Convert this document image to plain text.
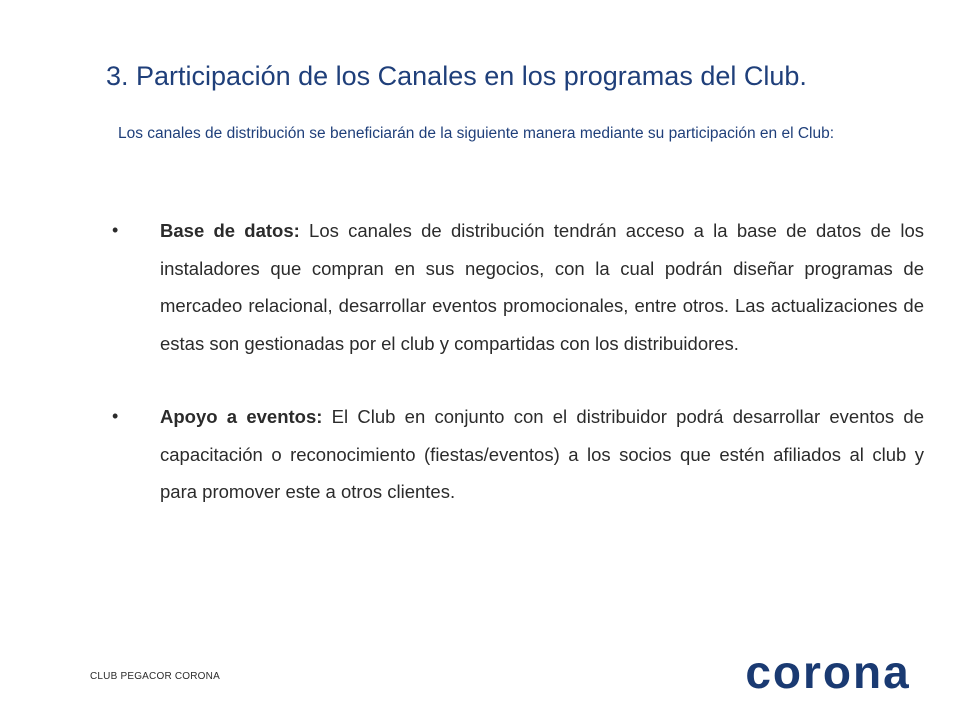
3. Participación de los Canales en los programas del Club.

Los canales de distribución se beneficiarán de la siguiente manera mediante su participación en el Club:

•	Base de datos: Los canales de distribución tendrán acceso a la base de datos de los instaladores que compran en sus negocios, con la cual podrán diseñar programas de mercadeo relacional, desarrollar eventos promocionales, entre otros. Las actualizaciones de estas son gestionadas por el club y compartidas con los distribuidores.

•	Apoyo a eventos: El Club en conjunto con el distribuidor podrá desarrollar eventos de capacitación o reconocimiento (fiestas/eventos) a los socios que estén afiliados al club y para promover este a otros clientes.

CLUB PEGACOR CORONA	corona
